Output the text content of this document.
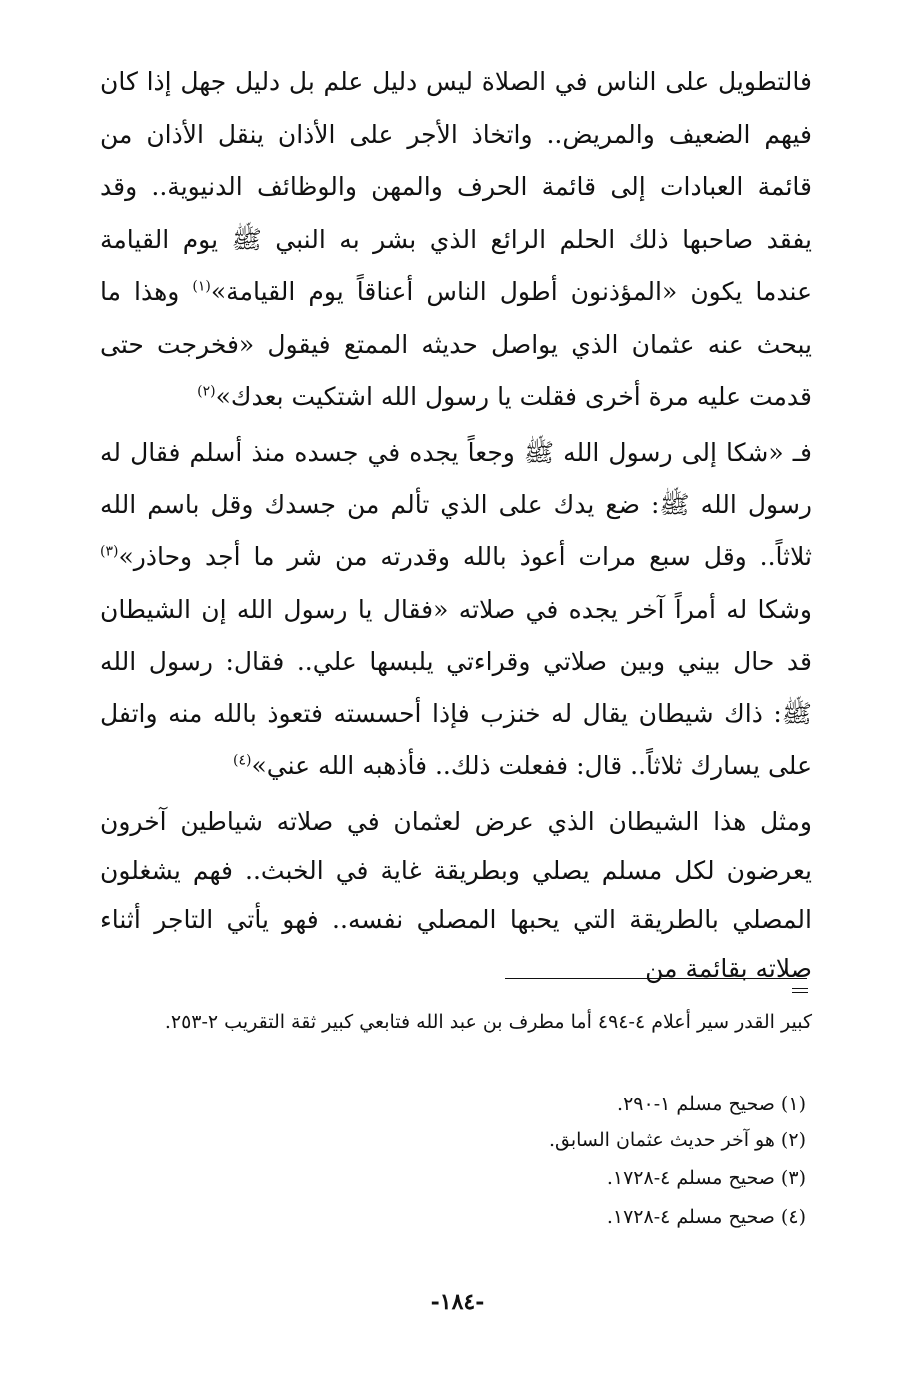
فالتطويل على الناس في الصلاة ليس دليل علم بل دليل جهل إذا كان فيهم الضعيف والمريض.. واتخاذ الأجر على الأذان ينقل الأذان من قائمة العبادات إلى قائمة الحرف والمهن والوظائف الدنيوية.. وقد يفقد صاحبها ذلك الحلم الرائع الذي بشر به النبي ﷺ يوم القيامة عندما يكون «المؤذنون أطول الناس أعناقاً يوم القيامة»$^{(١)}$ وهذا ما يبحث عنه عثمان الذي يواصل حديثه الممتع فيقول «فخرجت حتى قدمت عليه مرة أخرى فقلت يا رسول الله اشتكيت بعدك»$^{(٢)}$

فـ «شكا إلى رسول الله ﷺ وجعاً يجده في جسده منذ أسلم فقال له رسول الله ﷺ: ضع يدك على الذي تألم من جسدك وقل باسم الله ثلاثاً.. وقل سبع مرات أعوذ بالله وقدرته من شر ما أجد وحاذر»$^{(٣)}$ وشكا له أمراً آخر يجده في صلاته «فقال يا رسول الله إن الشيطان قد حال بيني وبين صلاتي وقراءتي يلبسها علي.. فقال: رسول الله ﷺ: ذاك شيطان يقال له خنزب فإذا أحسسته فتعوذ بالله منه واتفل على يسارك ثلاثاً.. قال: ففعلت ذلك.. فأذهبه الله عني»$^{(٤)}$

ومثل هذا الشيطان الذي عرض لعثمان في صلاته شياطين آخرون يعرضون لكل مسلم يصلي وبطريقة غاية في الخبث.. فهم يشغلون المصلي بالطريقة التي يحبها المصلي نفسه.. فهو يأتي التاجر أثناء صلاته بقائمة من

كبير القدر سير أعلام ٤-٤٩٤ أما مطرف بن عبد الله فتابعي كبير ثقة التقريب ٢-٢٥٣.

(١) صحيح مسلم ١-٢٩٠.

(٢) هو آخر حديث عثمان السابق.

(٣) صحيح مسلم ٤-١٧٢٨.

(٤) صحيح مسلم ٤-١٧٢٨.

-١٨٤-
